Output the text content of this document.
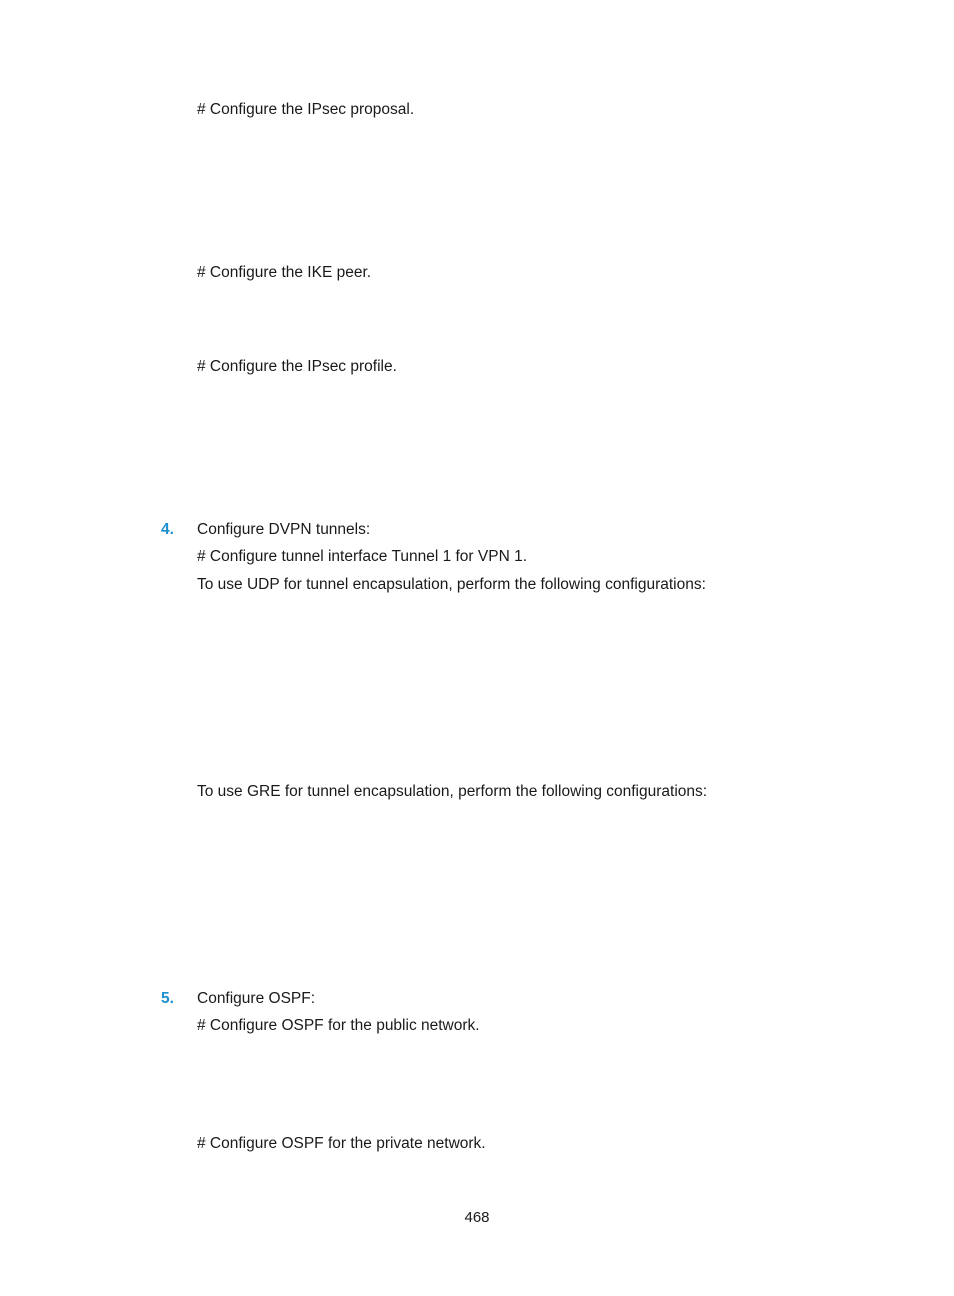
# Configure the IPsec proposal.
# Configure the IKE peer.
# Configure the IPsec profile.
4. Configure DVPN tunnels:
# Configure tunnel interface Tunnel 1 for VPN 1.
To use UDP for tunnel encapsulation, perform the following configurations:
To use GRE for tunnel encapsulation, perform the following configurations:
5. Configure OSPF:
# Configure OSPF for the public network.
# Configure OSPF for the private network.
468
